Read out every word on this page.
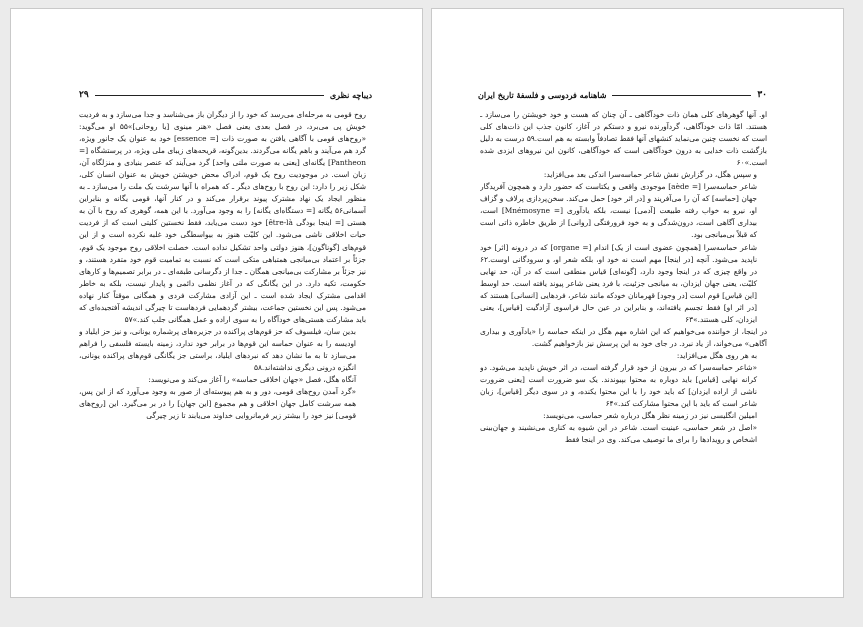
دیباچه نظری
۲۹

روح قومی به مرحله‌ای می‌رسد که خود را از دیگران باز می‌شناسد و جدا می‌سازد و به فردیت خویش پی می‌برد، در فصل بعدی یعنی فصل «هنر مینوی [یا روحانی]»۵۵ او می‌گوید: «روح‌های قومی با آگاهی یافتن به صورت ذات [= essence] خود به عنوان یک جانور ویژه، گرد هم می‌آیند و باهم یگانه می‌گردند. بدین‌گونه، قریحه‌های زیبای ملی ویژه، در پرستشگاه [= Pantheon] یگانه‌ای [یعنی به صورت ملتی واحد] گرد می‌آیند که عنصر بنیادی و منزلگاه آن، زبان است. در موجودیت روح یک قوم، ادراک محض خویشتن خویش به عنوان انسان کلی، شکل زیر را دارد: این روح با روح‌های دیگر ـ که همراه با آنها سرشت یک ملت را می‌سازد ـ به منظور ایجاد یک نهاد مشترک پیوند برقرار می‌کند و در کنار آنها، قومی یگانه و بنابراین آسمانی۵۶ یگانه [= دستگاه‌ای یگانه] را به وجود می‌آورد. با این همه، گوهری که روح با آن به هستی [= اینجا بودگی être-là] خود دست می‌یابد، فقط نخستین کلیتی است که از فردیت حیات اخلاقی ناشی می‌شود. این کلیّت هنوز به بیواسطگی خود غلبه نکرده است و از این قوم‌های [گوناگون]، هنوز دولتی واحد تشکیل نداده است. خصلت اخلاقی روح موجود یک قوم، جزئاً بر اعتماد بی‌میانجی همتباهی متکی است که نسبت به تمامیت قوم خود متفرد هستند، و نیز جزئاً بر مشارکت بی‌میانجی همگان ـ جدا از دگرسانی طبقه‌ای ـ در برابر تصمیم‌ها و کارهای حکومت، تکیه دارد. در این یگانگی که در آغاز نظمی دائمی و پایدار نیست، بلکه به خاطر اقدامی مشترک ایجاد شده است ـ این آزادی مشارکت فردی و همگانی موقتاً کنار نهاده می‌شود. پس این نخستین جماعت، بیشتر گردهمایی فردهاست تا چیرگی اندیشه آفتجیده‌ای که باید مشارکت هستی‌های خودآگاه را به سوی اراده و عمل همگانی جلب کند.»۵۷

بدین سان، فیلسوف که حز قوم‌های پراکنده در جزیره‌های پرشماره یونانی، و نیز حز ایلیاد و اودیسه را به عنوان حماسه این قوم‌ها در برابر خود ندارد، زمینه بایسته فلسفی را فراهم می‌سازد تا به ما نشان دهد که نبردهای ایلیاد، براستی جز یگانگی قوم‌های پراکنده یونانی، انگیزه درونی دیگری نداشته‌اند.۵۸

آنگاه هگل، فصل «جهان اخلاقی حماسه» را آغاز می‌کند و می‌نویسد:

«گرد آمدن روح‌های قومی، دور و به هم پیوسته‌ای از صور به وجود می‌آورد که از این پس، همه سرشت کامل جهان اخلاقی و هم مجموع [این جهان] را در بر می‌گیرد. این [روح‌های قومی] نیز خود را بیشتر زیر فرمانروایی خداوند می‌یابند تا زیر چیرگی

۳۰
شاهنامه فردوسی و فلسفهٔ تاریخ ایران

او. آنها گوهرهای کلی همان ذات خودآگاهی ـ آن چنان که هست و خود خویشتن را می‌سازد ـ هستند. امّا ذات خودآگاهی، گردآورنده نیرو و دستکم در آغاز، کانون جذب این ذات‌های کلی است که نخست چنین می‌نماید کنشهای آنها فقط تصادفاً وابسته به هم است.۵۹ درست به دلیل بازگشت ذات خدایی به درون خودآگاهی است که خودآگاهی، کانون این نیروهای ایزدی شده است.»۶۰

و سپس هگل، در گزارش نقش شاعر حماسه‌سرا اندکی بعد می‌افزاید:

شاعر حماسه‌سرا [= aède] موجودی واقعی و یکتاست که حضور دارد و همچون آفریدگار جهان [حماسه] که آن را می‌آفریند و [در اثر خود] حمل می‌کند. سخن‌پردازی پرلاف و گزاف او، نیرو به خواب رفته طبیعت [آدمی] نیست، بلکه یادآوری [= Mnémosyne] است، بیداری آگاهی است، درون‌شدگی و به خود فرورفتگی [روانی] از طریق خاطره ذاتی است که قبلاً بی‌میانجی بود.

شاعر حماسه‌سرا [همچون عضوی است از یک] اندام [= organe] که در درونه [اثر] خود ناپدید می‌شود. آنچه [در اینجا] مهم است نه خود او، بلکه شعر او، و سرودگانی اوست.۶۲ در واقع چیزی که در اینجا وجود دارد، [گونه‌ای] قیاس منطقی است که در آن، حد نهایی کلیّت، یعنی جهان ایزدان، به میانجی جزئیت، با فرد یعنی شاعر پیوند یافته است. حد اوسط [این قیاس] قوم است [در وجود] قهرمانان خودکه مانند شاعر، فردهایی [انسانی] هستند که [در اثر او] فقط تجسم یافته‌اند، و بنابراین در عین حال فراسوی آزادگیت [قیاس]، یعنی ایزدان، کلی هستند.»۶۳

در اینجا، از خواننده می‌خواهیم که این اشاره مهم هگل در اینکه حماسه را «یادآوری و بیداری آگاهی» می‌خواند، از یاد نبرد. در جای خود به این پرسش نیز بازخواهیم گشت.

به هر روی هگل می‌افزاید:

«شاعر حماسه‌سرا که در بیرون از خود قرار گرفته است، در اثر خویش ناپدید می‌شود. دو کرانه نهایی [قیاس] باید دوباره به محتوا بپیوندند. یک سو ضرورت است [یعنی ضرورت ناشی از اراده ایزدان] که باید خود را با این محتوا یکنده، و در سوی دیگر [قیاس]، زبان شاعر است که باید با این محتوا مشارکت کند.»۶۴

امیلین انگلیسی نیز در زمینه نظر هگل درباره شعر حماسی، می‌نویسد:

«اصل در شعر حماسی، عینیت است. شاعر در این شیوه به کناری می‌نشیند و جهان‌بینی اشخاص و رویدادها را برای ما توصیف می‌کند. وی در اینجا فقط
